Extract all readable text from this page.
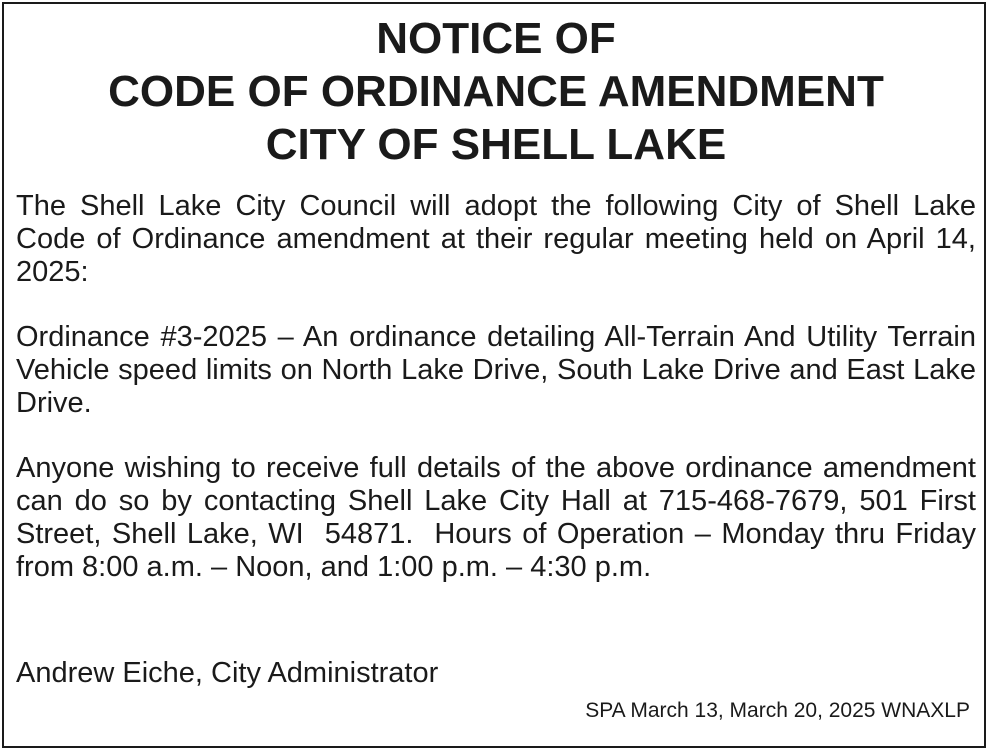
NOTICE OF
CODE OF ORDINANCE AMENDMENT
CITY OF SHELL LAKE

The Shell Lake City Council will adopt the following City of Shell Lake Code of Ordinance amendment at their regular meeting held on April 14, 2025:

Ordinance #3-2025 – An ordinance detailing All-Terrain And Utility Terrain Vehicle speed limits on North Lake Drive, South Lake Drive and East Lake Drive.

Anyone wishing to receive full details of the above ordinance amendment can do so by contacting Shell Lake City Hall at 715-468-7679, 501 First Street, Shell Lake, WI  54871.  Hours of Operation – Monday thru Friday from 8:00 a.m. – Noon, and 1:00 p.m. – 4:30 p.m.

Andrew Eiche, City Administrator
SPA March 13, March 20, 2025 WNAXLP
